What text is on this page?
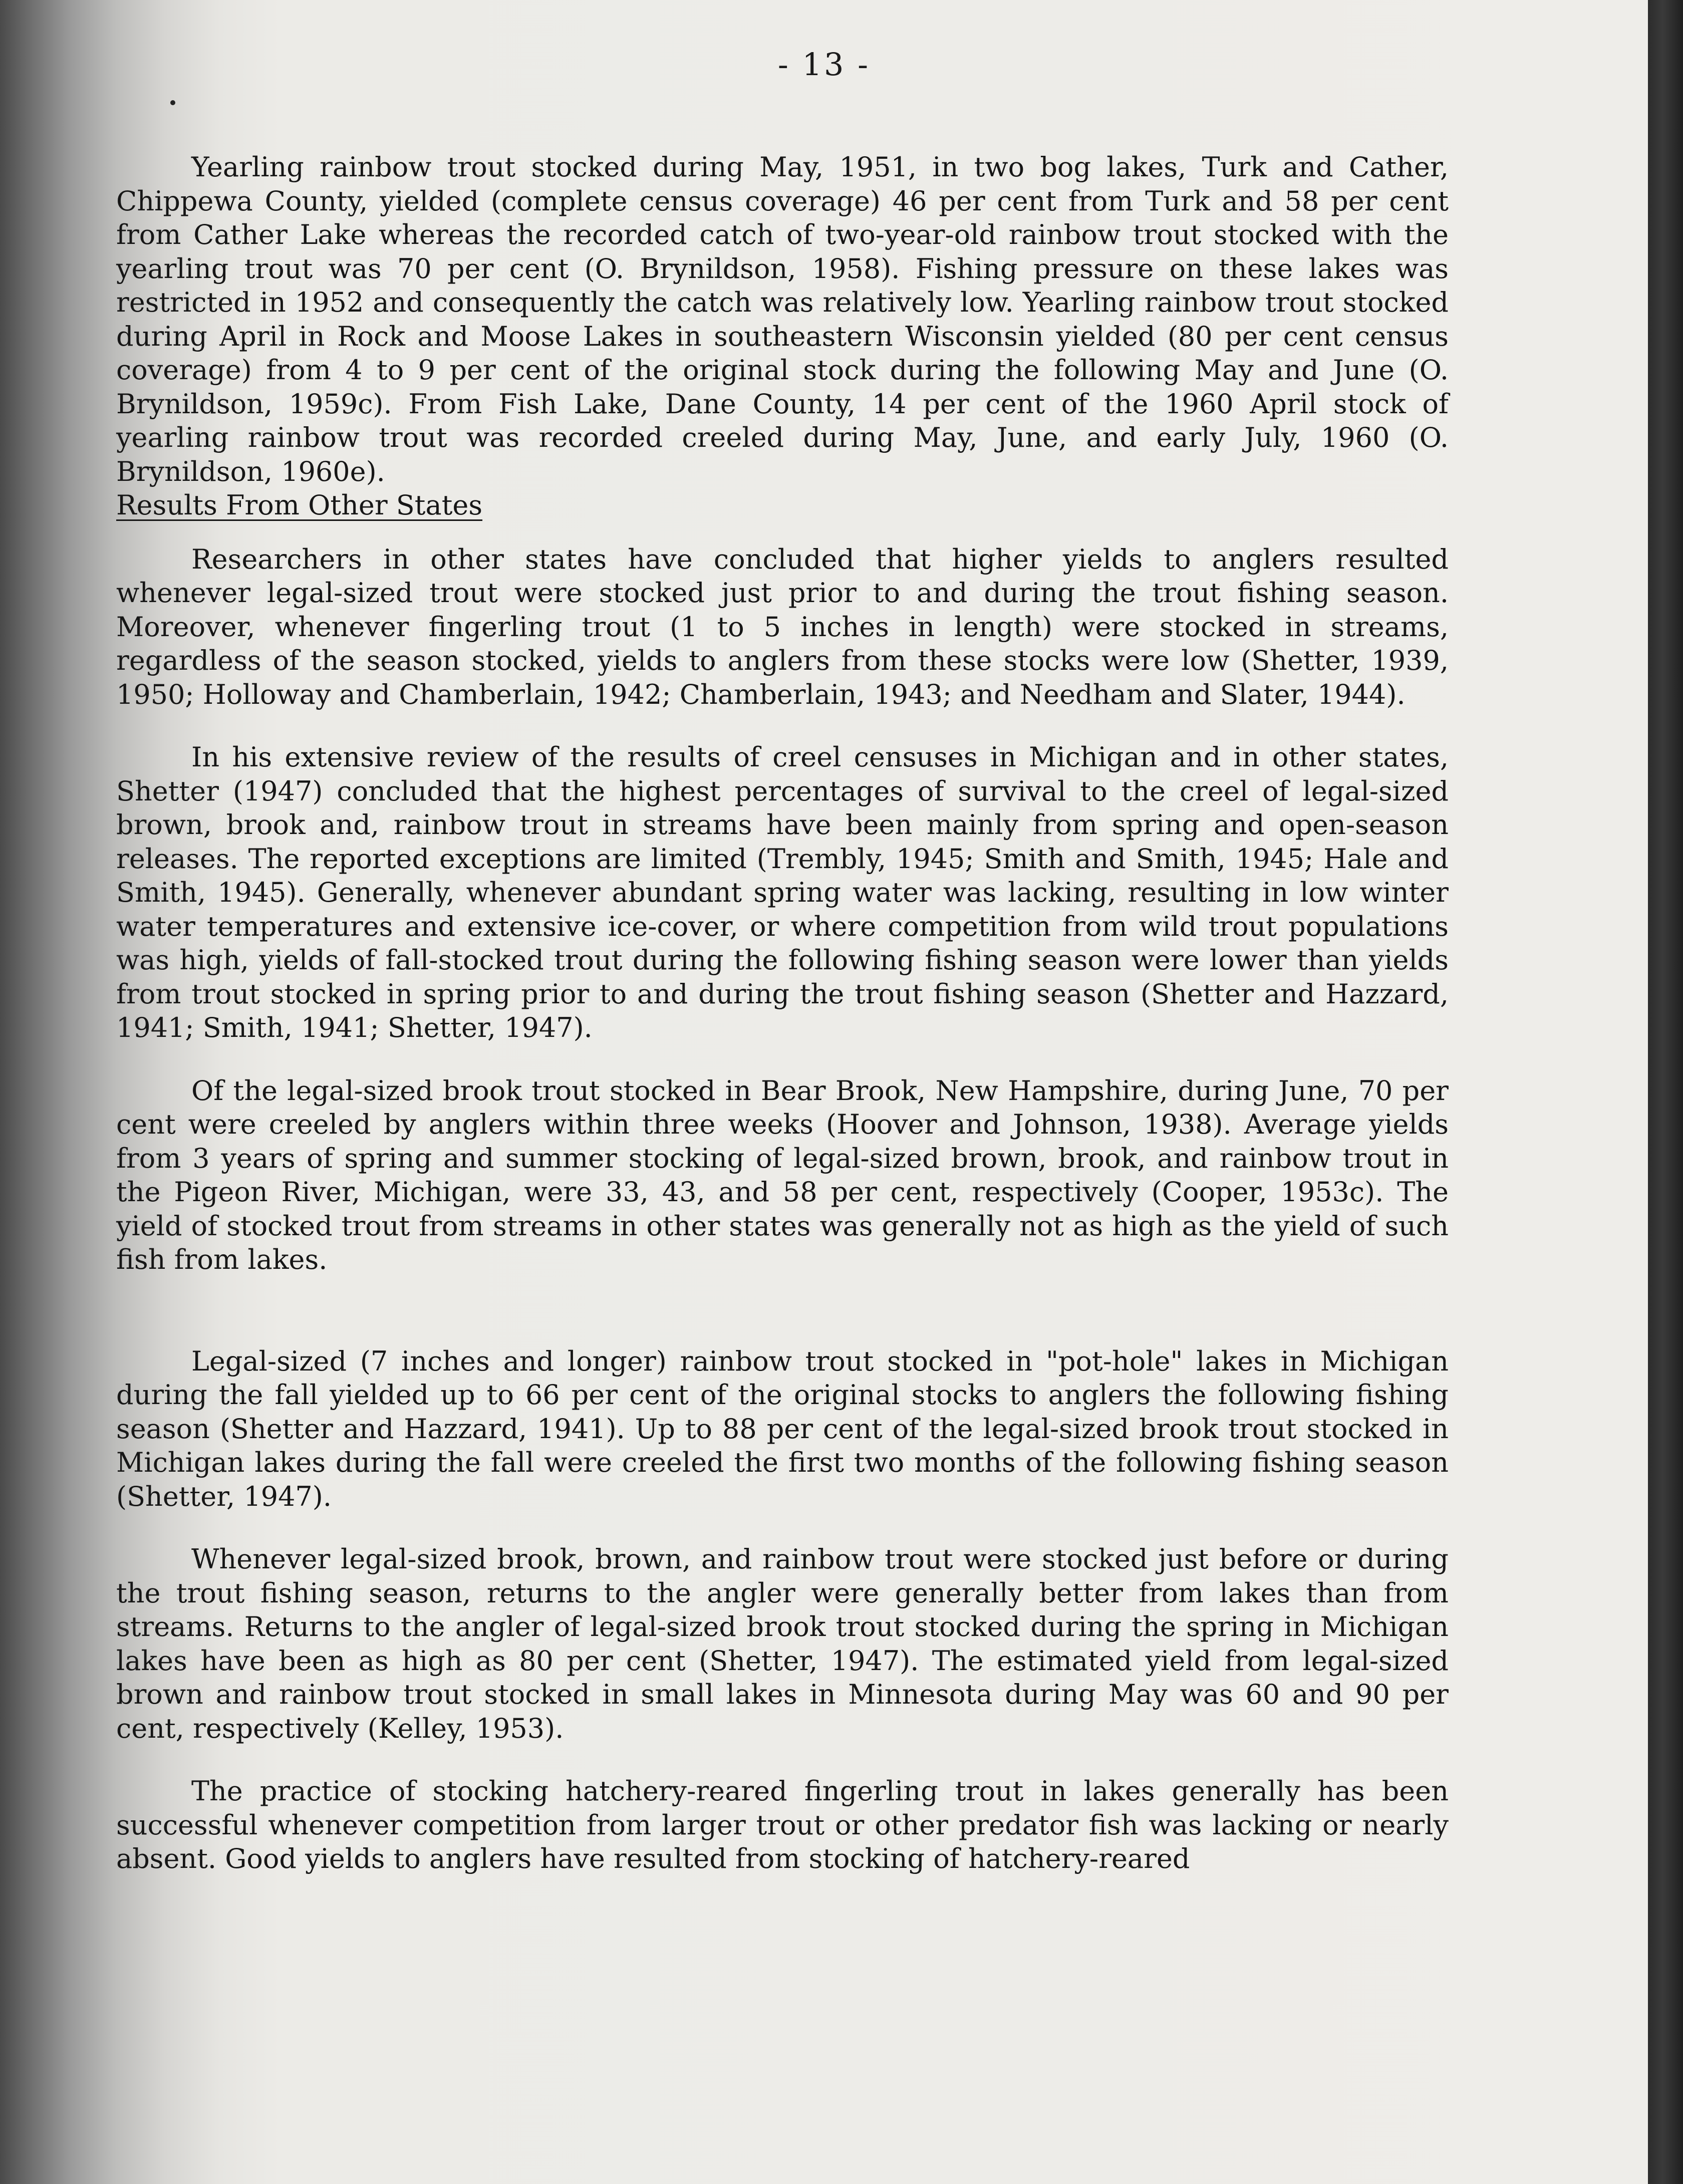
- 13 -

Yearling rainbow trout stocked during May, 1951, in two bog lakes, Turk and Cather, Chippewa County, yielded (complete census coverage) 46 per cent from Turk and 58 per cent from Cather Lake whereas the recorded catch of two-year-old rainbow trout stocked with the yearling trout was 70 per cent (O. Brynildson, 1958). Fishing pressure on these lakes was restricted in 1952 and consequently the catch was relatively low. Yearling rainbow trout stocked during April in Rock and Moose Lakes in southeastern Wisconsin yielded (80 per cent census coverage) from 4 to 9 per cent of the original stock during the following May and June (O. Brynildson, 1959c). From Fish Lake, Dane County, 14 per cent of the 1960 April stock of yearling rainbow trout was recorded creeled during May, June, and early July, 1960 (O. Brynildson, 1960e).

Results From Other States

Researchers in other states have concluded that higher yields to anglers resulted whenever legal-sized trout were stocked just prior to and during the trout fishing season. Moreover, whenever fingerling trout (1 to 5 inches in length) were stocked in streams, regardless of the season stocked, yields to anglers from these stocks were low (Shetter, 1939, 1950; Holloway and Chamberlain, 1942; Chamberlain, 1943; and Needham and Slater, 1944).

In his extensive review of the results of creel censuses in Michigan and in other states, Shetter (1947) concluded that the highest percentages of survival to the creel of legal-sized brown, brook and, rainbow trout in streams have been mainly from spring and open-season releases. The reported exceptions are limited (Trembly, 1945; Smith and Smith, 1945; Hale and Smith, 1945). Generally, whenever abundant spring water was lacking, resulting in low winter water temperatures and extensive ice-cover, or where competition from wild trout populations was high, yields of fall-stocked trout during the following fishing season were lower than yields from trout stocked in spring prior to and during the trout fishing season (Shetter and Hazzard, 1941; Smith, 1941; Shetter, 1947).

Of the legal-sized brook trout stocked in Bear Brook, New Hampshire, during June, 70 per cent were creeled by anglers within three weeks (Hoover and Johnson, 1938). Average yields from 3 years of spring and summer stocking of legal-sized brown, brook, and rainbow trout in the Pigeon River, Michigan, were 33, 43, and 58 per cent, respectively (Cooper, 1953c). The yield of stocked trout from streams in other states was generally not as high as the yield of such fish from lakes.

Legal-sized (7 inches and longer) rainbow trout stocked in "pot-hole" lakes in Michigan during the fall yielded up to 66 per cent of the original stocks to anglers the following fishing season (Shetter and Hazzard, 1941). Up to 88 per cent of the legal-sized brook trout stocked in Michigan lakes during the fall were creeled the first two months of the following fishing season (Shetter, 1947).

Whenever legal-sized brook, brown, and rainbow trout were stocked just before or during the trout fishing season, returns to the angler were generally better from lakes than from streams. Returns to the angler of legal-sized brook trout stocked during the spring in Michigan lakes have been as high as 80 per cent (Shetter, 1947). The estimated yield from legal-sized brown and rainbow trout stocked in small lakes in Minnesota during May was 60 and 90 per cent, respectively (Kelley, 1953).

The practice of stocking hatchery-reared fingerling trout in lakes generally has been successful whenever competition from larger trout or other predator fish was lacking or nearly absent. Good yields to anglers have resulted from stocking of hatchery-reared
